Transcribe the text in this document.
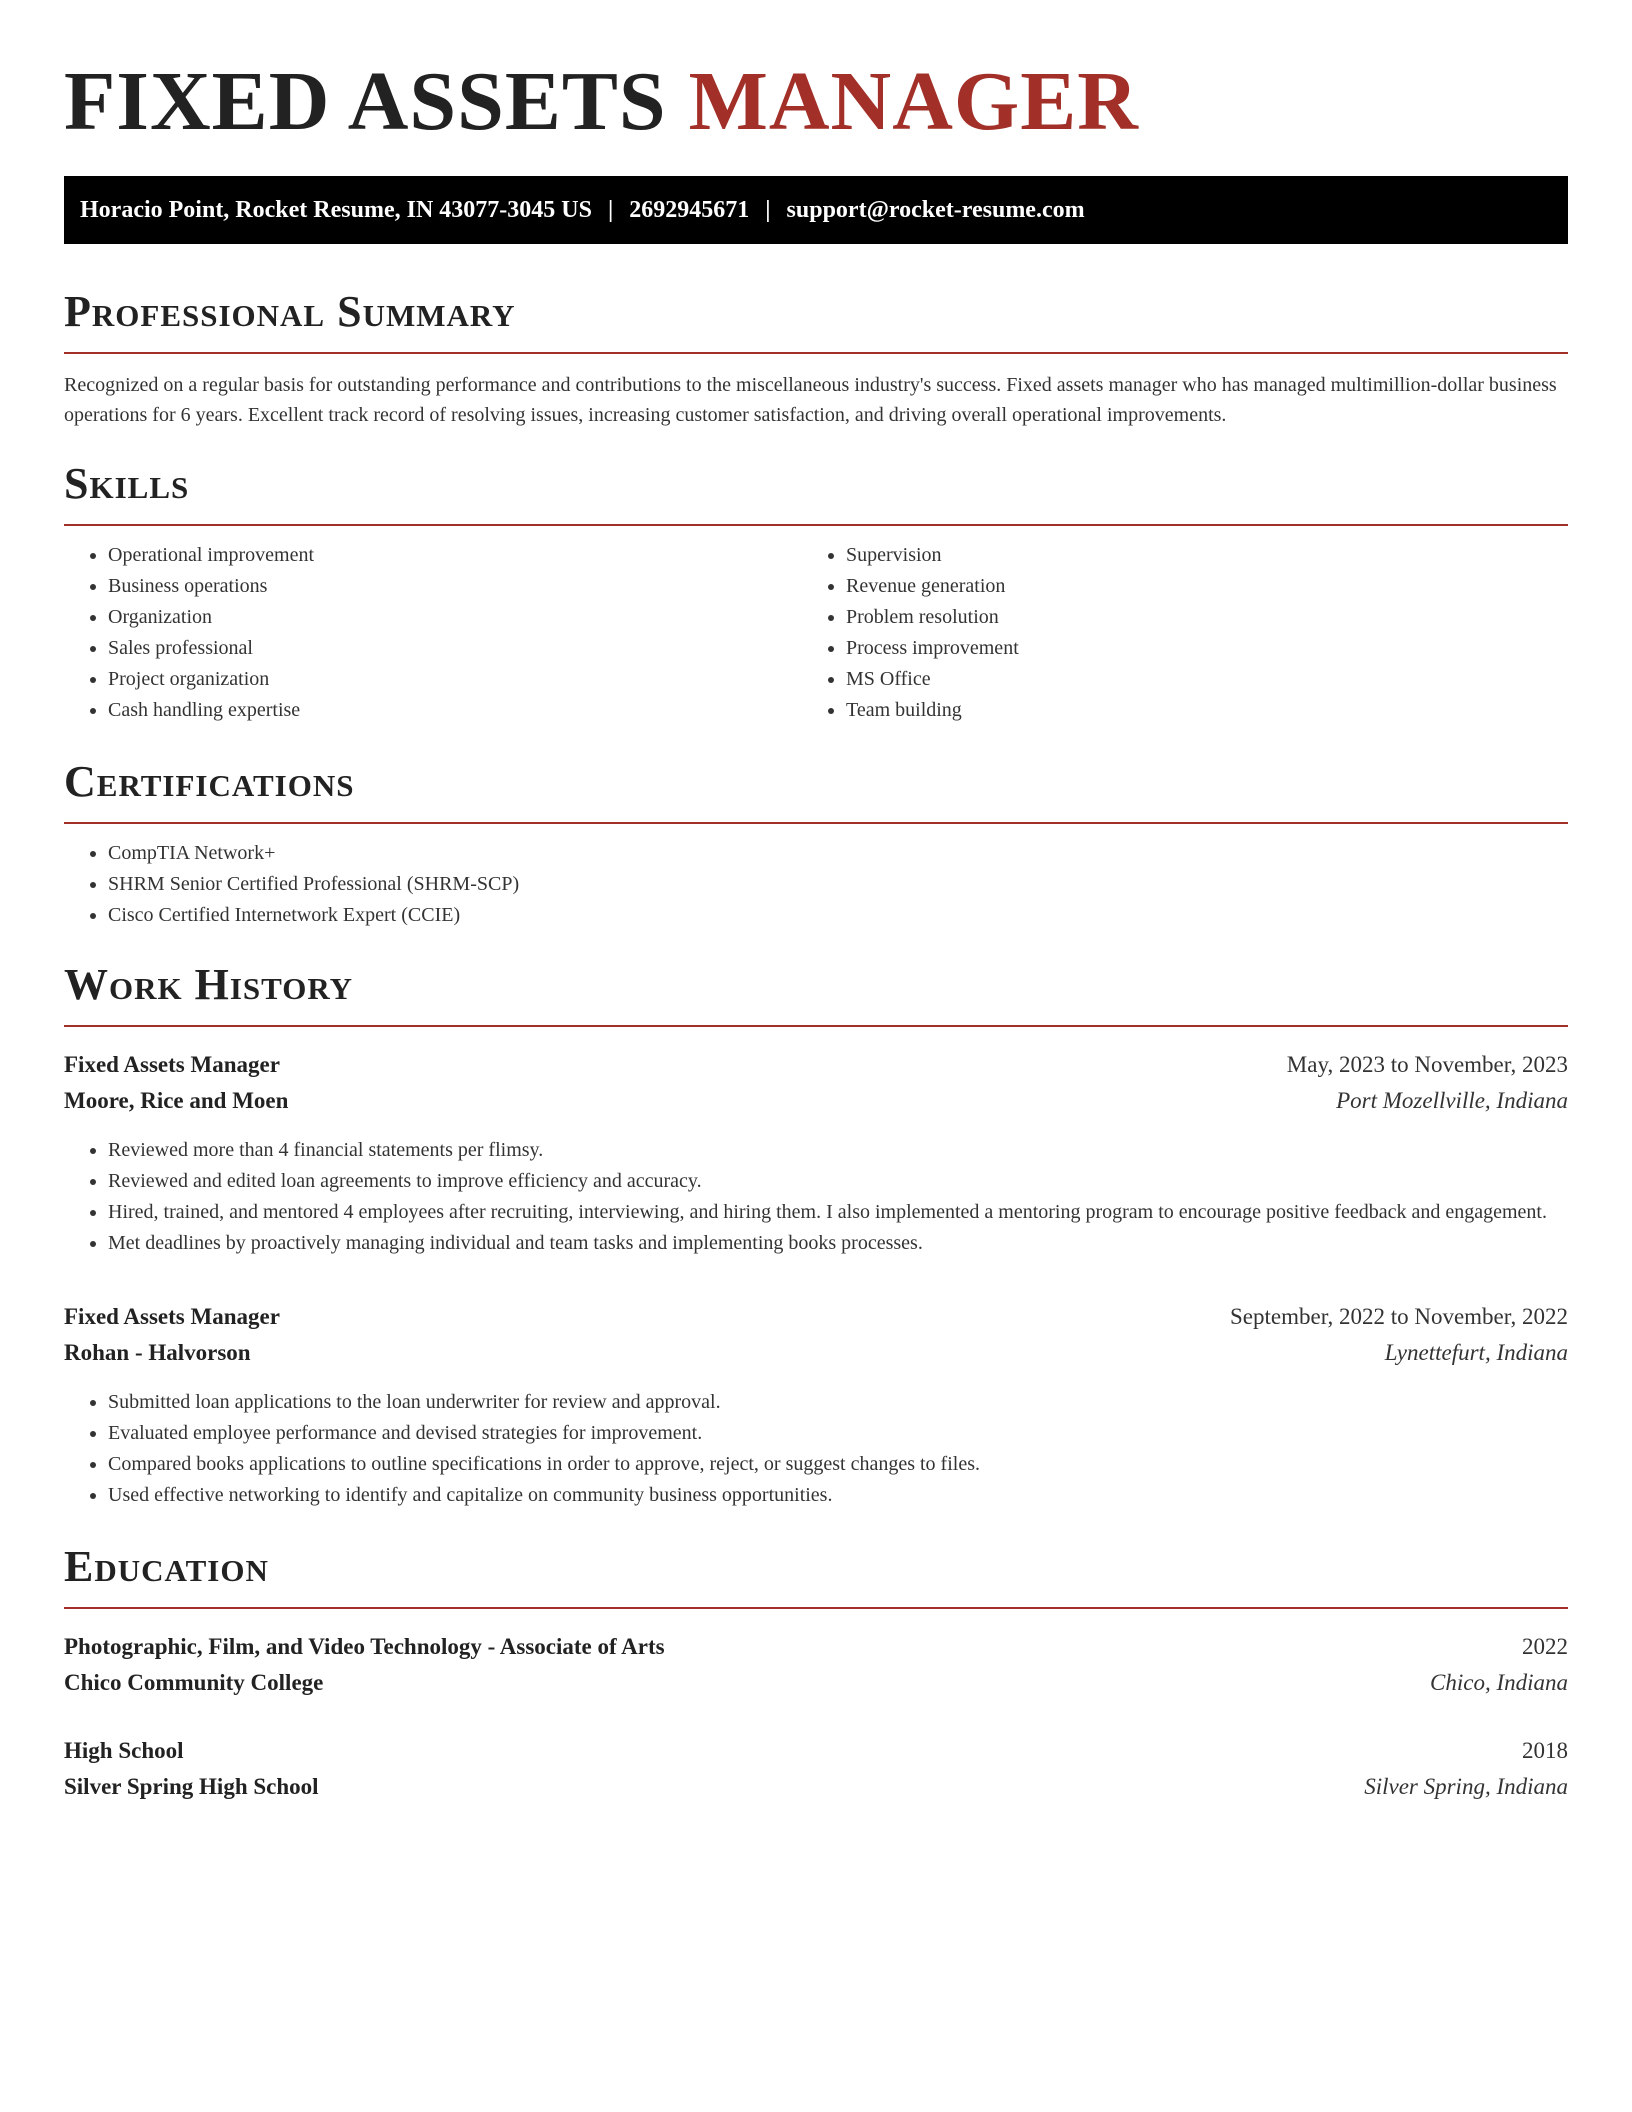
FIXED ASSETS MANAGER
Horacio Point, Rocket Resume, IN 43077-3045 US | 2692945671 | support@rocket-resume.com
Professional Summary

Recognized on a regular basis for outstanding performance and contributions to the miscellaneous industry's success. Fixed assets manager who has managed multimillion-dollar business operations for 6 years. Excellent track record of resolving issues, increasing customer satisfaction, and driving overall operational improvements.

Skills
• Operational improvement
• Business operations
• Organization
• Sales professional
• Project organization
• Cash handling expertise
• Supervision
• Revenue generation
• Problem resolution
• Process improvement
• MS Office
• Team building
Certifications
• CompTIA Network+
• SHRM Senior Certified Professional (SHRM-SCP)
• Cisco Certified Internetwork Expert (CCIE)
Work History
Fixed Assets Manager	May, 2023 to November, 2023
Moore, Rice and Moen	Port Mozellville, Indiana
• Reviewed more than 4 financial statements per flimsy.
• Reviewed and edited loan agreements to improve efficiency and accuracy.
• Hired, trained, and mentored 4 employees after recruiting, interviewing, and hiring them. I also implemented a mentoring program to encourage positive feedback and engagement.
• Met deadlines by proactively managing individual and team tasks and implementing books processes.
Fixed Assets Manager	September, 2022 to November, 2022
Rohan - Halvorson	Lynettefurt, Indiana
• Submitted loan applications to the loan underwriter for review and approval.
• Evaluated employee performance and devised strategies for improvement.
• Compared books applications to outline specifications in order to approve, reject, or suggest changes to files.
• Used effective networking to identify and capitalize on community business opportunities.
Education
Photographic, Film, and Video Technology - Associate of Arts	2022
Chico Community College	Chico, Indiana
High School	2018
Silver Spring High School	Silver Spring, Indiana
